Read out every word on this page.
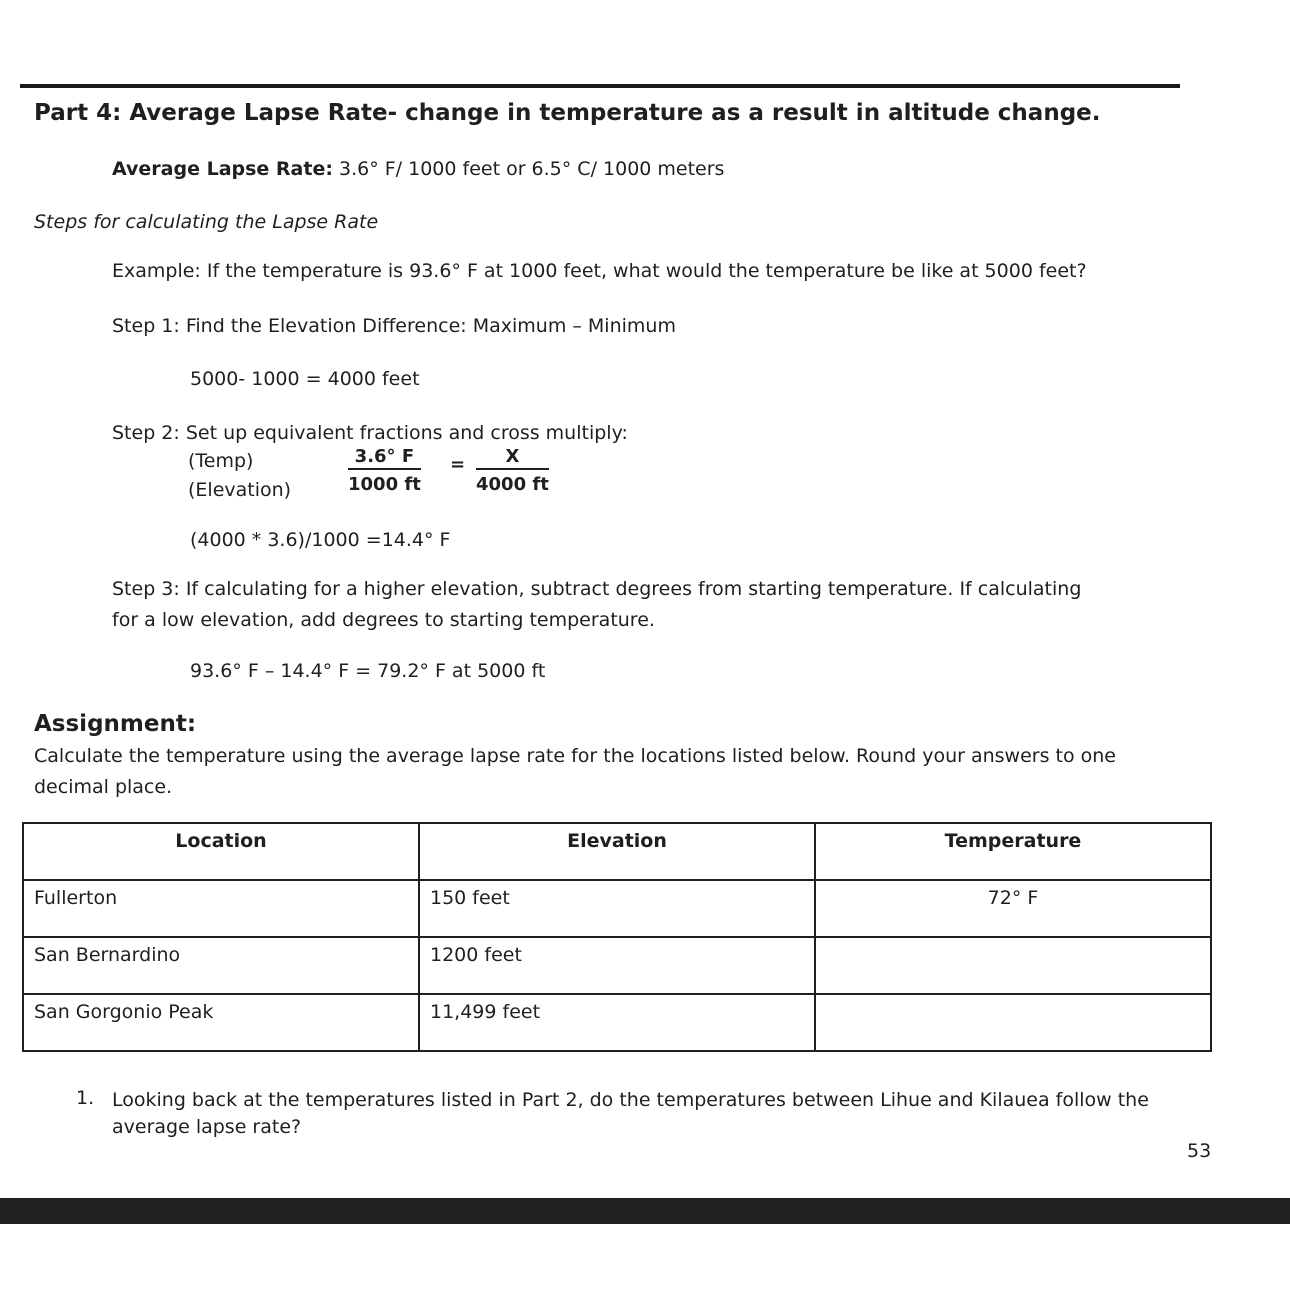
Part 4: Average Lapse Rate- change in temperature as a result in altitude change.
Average Lapse Rate: 3.6° F/ 1000 feet or 6.5° C/ 1000 meters
Steps for calculating the Lapse Rate
Example: If the temperature is 93.6° F at 1000 feet, what would the temperature be like at 5000 feet?
Step 1: Find the Elevation Difference: Maximum – Minimum
5000- 1000 = 4000 feet
Step 2: Set up equivalent fractions and cross multiply:
(Temp)
(Elevation)	$\frac{3.6^\circ F}{1000 ft} = \frac{X}{4000 ft}$
(4000 * 3.6)/1000 =14.4° F
Step 3: If calculating for a higher elevation, subtract degrees from starting temperature. If calculating
for a low elevation, add degrees to starting temperature.
93.6° F – 14.4° F = 79.2° F at 5000 ft
Assignment:
Calculate the temperature using the average lapse rate for the locations listed below. Round your answers to one decimal place.
Location	Elevation	Temperature
Fullerton	150 feet	72° F
San Bernardino	1200 feet	
San Gorgonio Peak	11,499 feet	
1. Looking back at the temperatures listed in Part 2, do the temperatures between Lihue and Kilauea follow the average lapse rate?
53
